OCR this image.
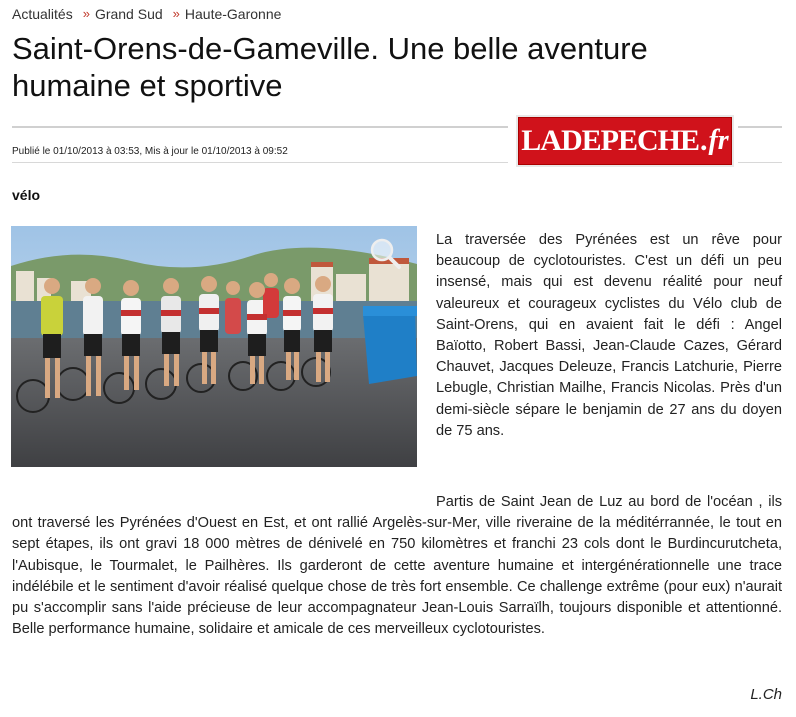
Actualités » Grand Sud » Haute-Garonne
Saint-Orens-de-Gameville. Une belle aventure humaine et sportive
LADEPECHE . fr
Publié le 01/10/2013 à 03:53, Mis à jour le 01/10/2013 à 09:52
vélo

La traversée des Pyrénées est un rêve pour beaucoup de cyclotouristes. C'est un défi un peu insensé, mais qui est devenu réalité pour neuf valeureux et courageux cyclistes du Vélo club de Saint-Orens, qui en avaient fait le défi : Angel Baïotto, Robert Bassi, Jean-Claude Cazes, Gérard Chauvet, Jacques Deleuze, Francis Latchurie, Pierre Lebugle, Christian Mailhe, Francis Nicolas. Près d'un demi-siècle sépare le benjamin de 27 ans du doyen de 75 ans.

Partis de Saint Jean de Luz au bord de l'océan , ils ont traversé les Pyrénées d'Ouest en Est, et ont rallié Argelès-sur-Mer, ville riveraine de la méditérrannée, le tout en sept étapes, ils ont gravi 18 000 mètres de dénivelé en 750 kilomètres et franchi 23 cols dont le Burdincurutcheta, l'Aubisque, le Tourmalet, le Pailhères. Ils garderont de cette aventure humaine et intergénérationnelle une trace indélébile et le sentiment d'avoir réalisé quelque chose de très fort ensemble. Ce challenge extrême (pour eux) n'aurait pu s'accomplir sans l'aide précieuse de leur accompagnateur Jean-Louis Sarraïlh, toujours disponible et attentionné. Belle performance humaine, solidaire et amicale de ces merveilleux cyclotouristes.

L.Ch
